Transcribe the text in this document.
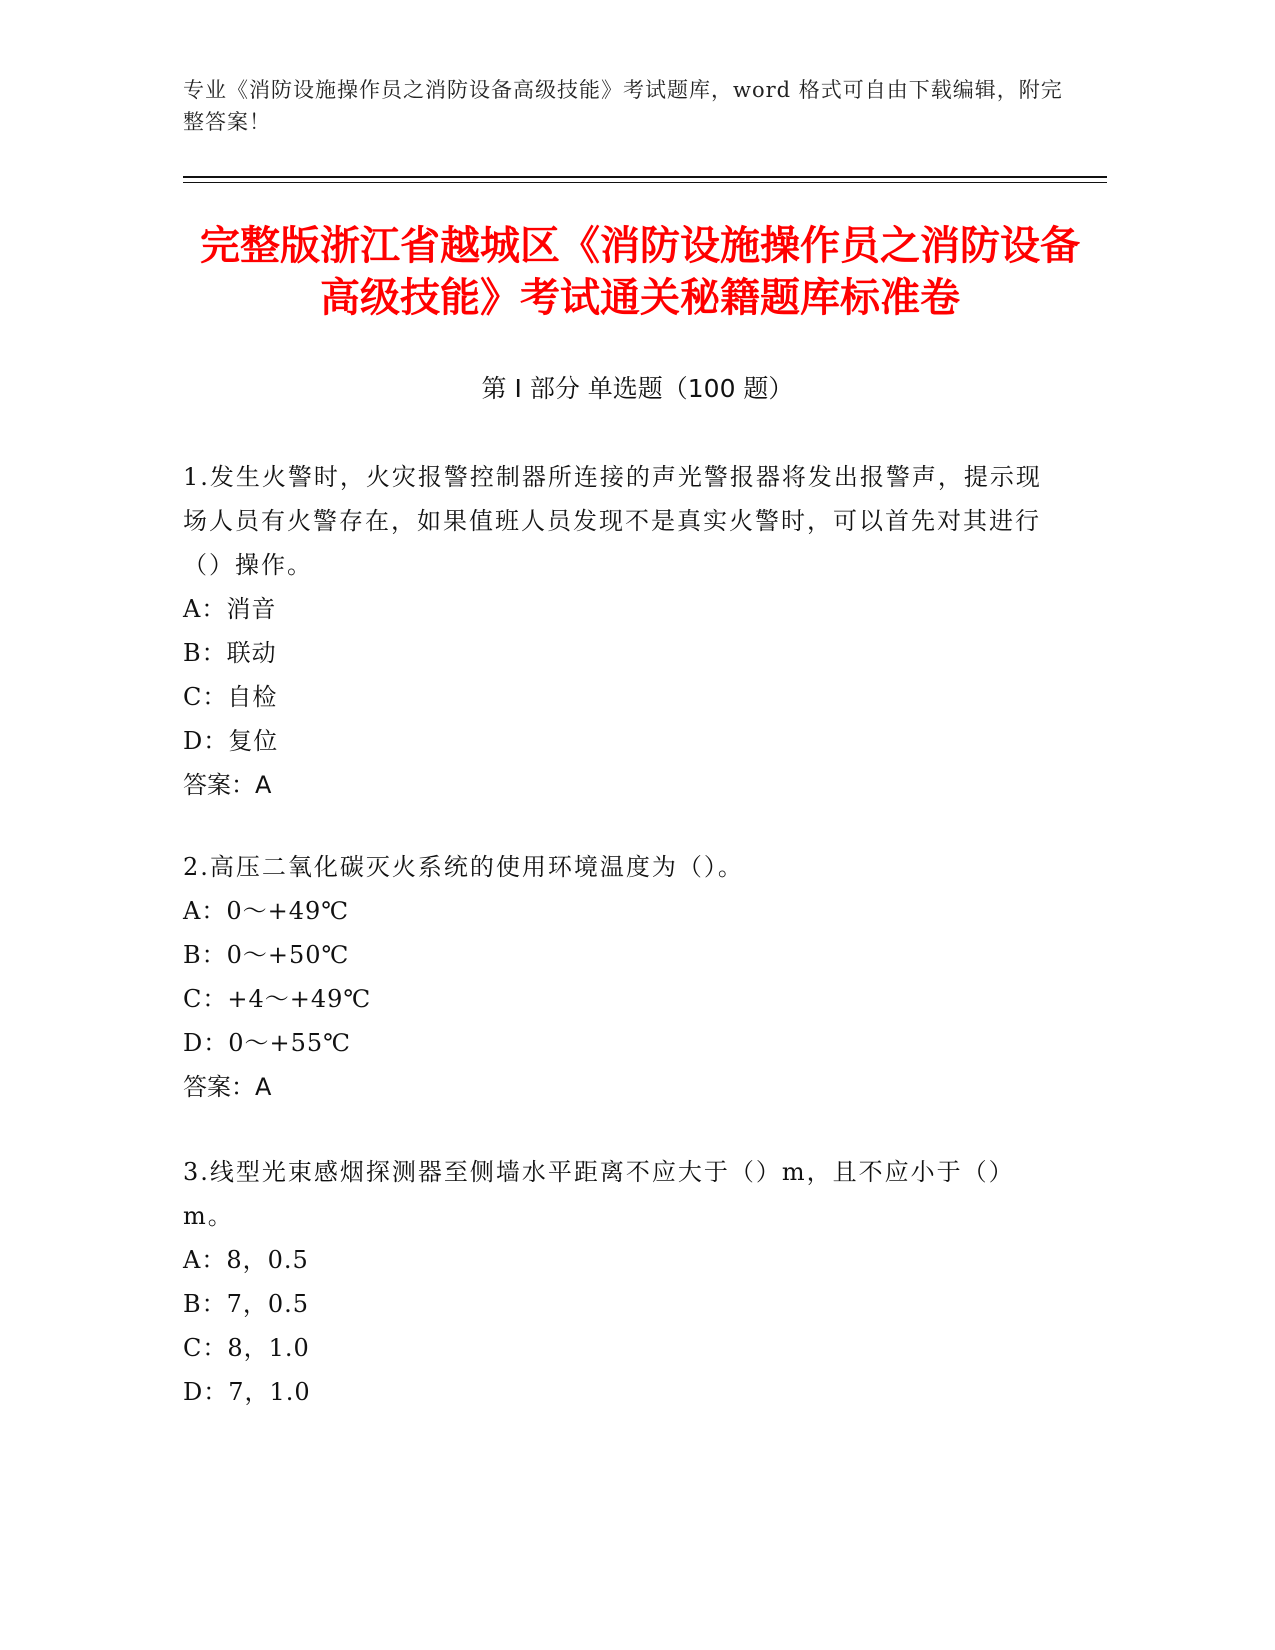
专业《消防设施操作员之消防设备高级技能》考试题库，word 格式可自由下载编辑，附完整答案！
完整版浙江省越城区《消防设施操作员之消防设备高级技能》考试通关秘籍题库标准卷
第 I 部分 单选题（100 题）

1.发生火警时，火灾报警控制器所连接的声光警报器将发出报警声，提示现场人员有火警存在，如果值班人员发现不是真实火警时，可以首先对其进行（）操作。

A：消音

B：联动

C：自检

D：复位

答案：A

2.高压二氧化碳灭火系统的使用环境温度为（）。

A：0～+49℃

B：0～+50℃

C：+4～+49℃

D：0～+55℃

答案：A

3.线型光束感烟探测器至侧墙水平距离不应大于（）m，且不应小于（）m。

A：8，0.5

B：7，0.5

C：8，1.0

D：7，1.0
